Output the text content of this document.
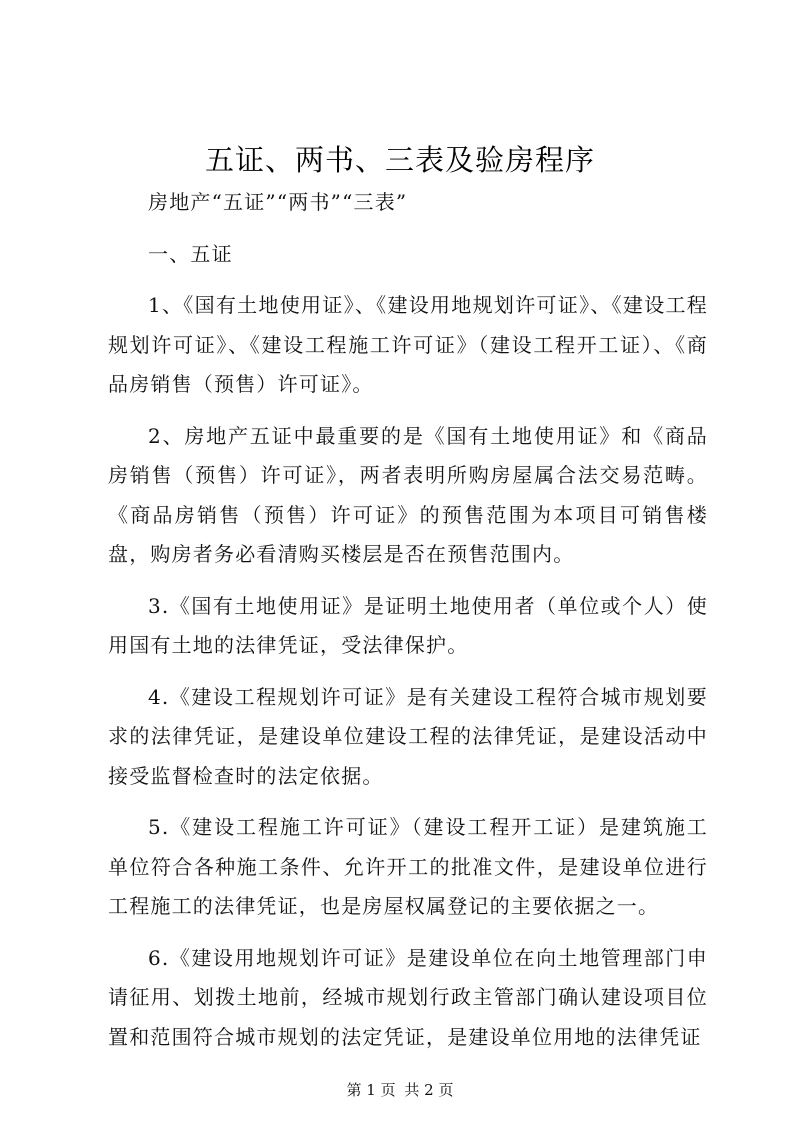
五证、两书、三表及验房程序

房地产“五证”“两书”“三表”

一、五证

1、《国有土地使用证》、《建设用地规划许可证》、《建设工程规划许可证》、《建设工程施工许可证》（建设工程开工证）、《商品房销售（预售）许可证》。

2、房地产五证中最重要的是《国有土地使用证》和《商品房销售（预售）许可证》，两者表明所购房屋属合法交易范畴。《商品房销售（预售）许可证》的预售范围为本项目可销售楼盘，购房者务必看清购买楼层是否在预售范围内。

3.《国有土地使用证》是证明土地使用者（单位或个人）使用国有土地的法律凭证，受法律保护。

4.《建设工程规划许可证》是有关建设工程符合城市规划要求的法律凭证，是建设单位建设工程的法律凭证，是建设活动中接受监督检查时的法定依据。

5.《建设工程施工许可证》（建设工程开工证）是建筑施工单位符合各种施工条件、允许开工的批准文件，是建设单位进行工程施工的法律凭证，也是房屋权属登记的主要依据之一。

6.《建设用地规划许可证》是建设单位在向土地管理部门申请征用、划拨土地前，经城市规划行政主管部门确认建设项目位置和范围符合城市规划的法定凭证，是建设单位用地的法律凭证

第 1 页 共 2 页
